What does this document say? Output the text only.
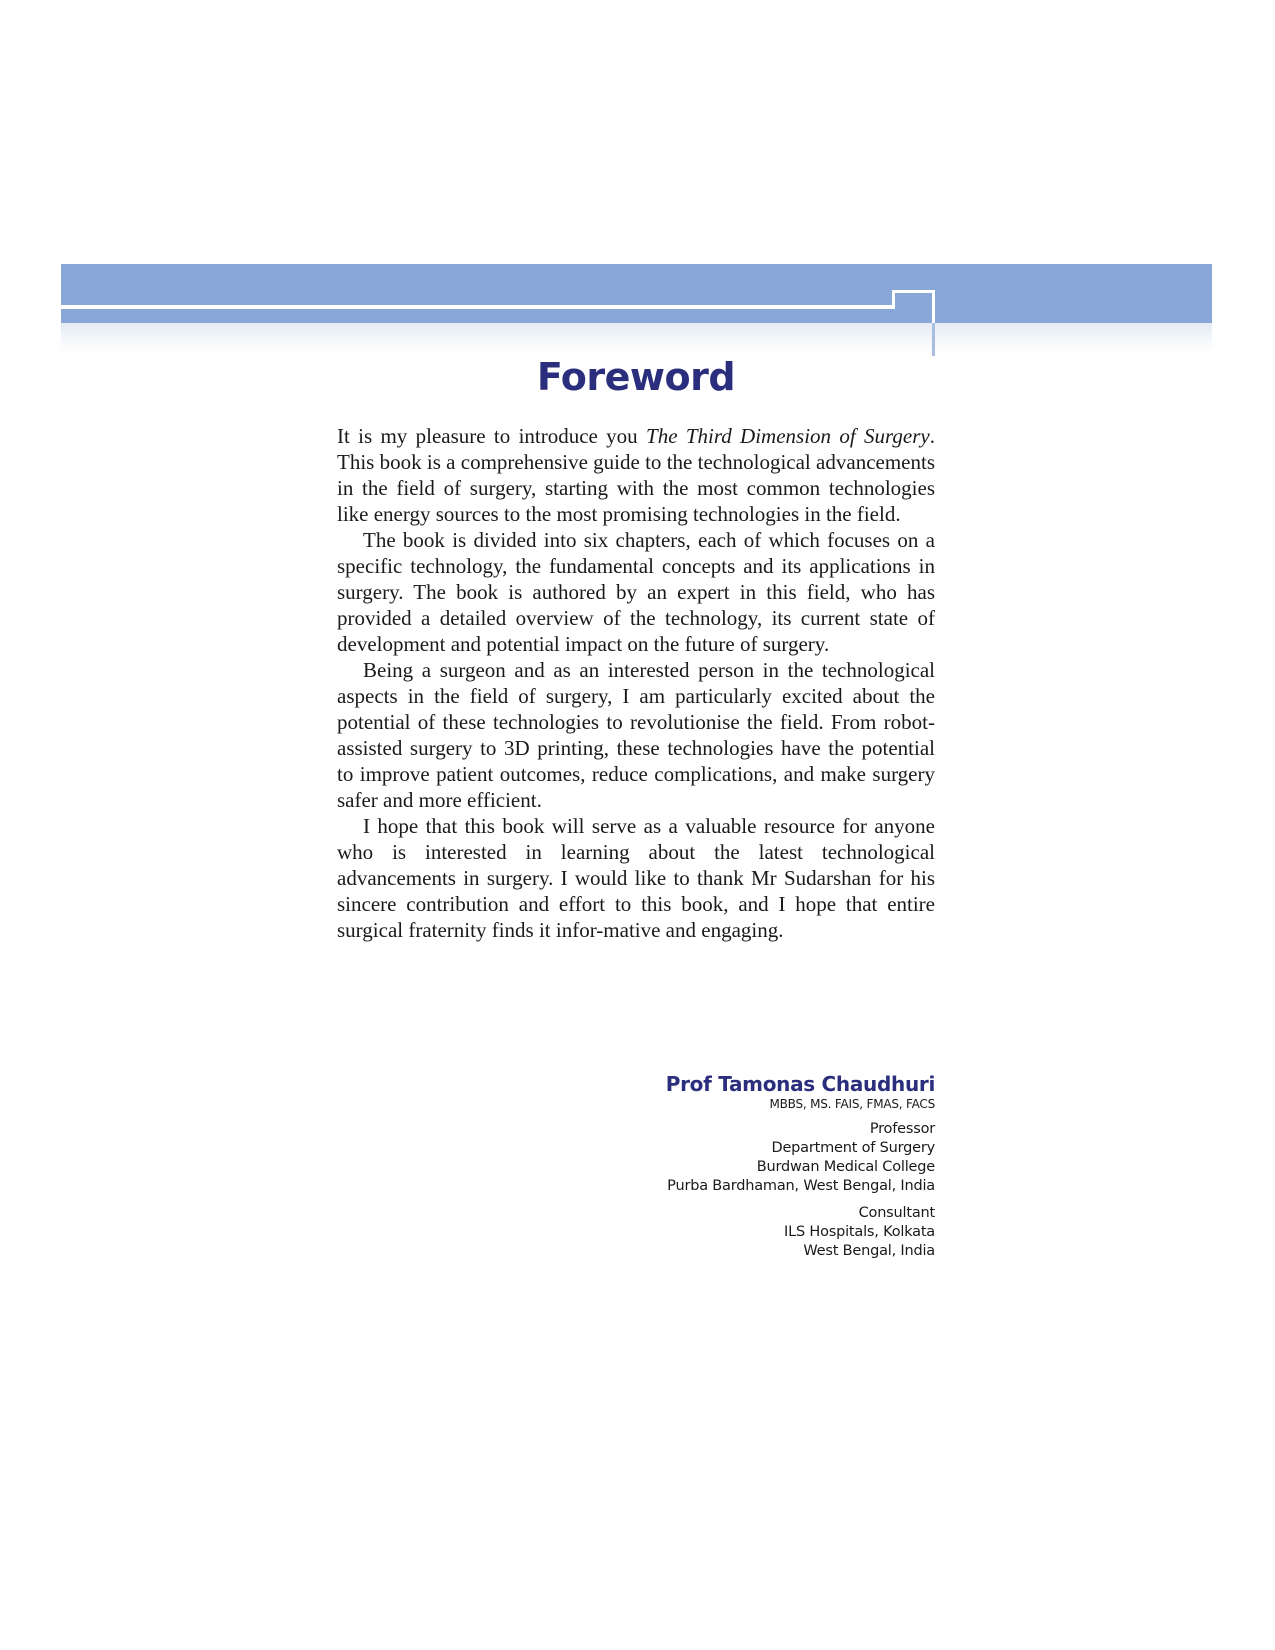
Foreword

It is my pleasure to introduce you The Third Dimension of Surgery. This book is a comprehensive guide to the technological advancements in the field of surgery, starting with the most common technologies like energy sources to the most promising technologies in the field.

The book is divided into six chapters, each of which focuses on a specific technology, the fundamental concepts and its applications in surgery. The book is authored by an expert in this field, who has provided a detailed overview of the technology, its current state of development and potential impact on the future of surgery.

Being a surgeon and as an interested person in the technological aspects in the field of surgery, I am particularly excited about the potential of these technologies to revolutionise the field. From robot-assisted surgery to 3D printing, these technologies have the potential to improve patient outcomes, reduce complications, and make surgery safer and more efficient.

I hope that this book will serve as a valuable resource for anyone who is interested in learning about the latest technological advancements in surgery. I would like to thank Mr Sudarshan for his sincere contribution and effort to this book, and I hope that entire surgical fraternity finds it infor-mative and engaging.

Prof Tamonas Chaudhuri
MBBS, MS. FAIS, FMAS, FACS
Professor
Department of Surgery
Burdwan Medical College
Purba Bardhaman, West Bengal, India
Consultant
ILS Hospitals, Kolkata
West Bengal, India
